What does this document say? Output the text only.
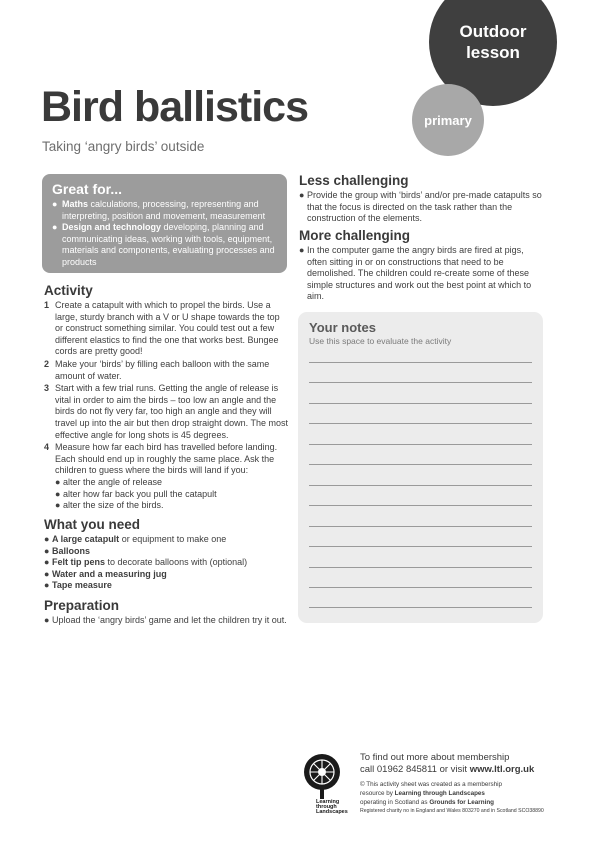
Outdoor
lesson
primary
Bird ballistics
Taking ‘angry birds’ outside
Great for...

● Maths calculations, processing, representing and interpreting, position and movement, measurement

● Design and technology developing, planning and communicating ideas, working with tools, equipment, materials and components, evaluating processes and products

Activity
1 Create a catapult with which to propel the birds. Use a large, sturdy branch with a V or U shape towards the top or construct something similar. You could test out a few different elastics to find the one that works best. Bungee cords are pretty good!
2 Make your ‘birds’ by filling each balloon with the same amount of water.
3 Start with a few trial runs. Getting the angle of release is vital in order to aim the birds – too low an angle and the birds do not fly very far, too high an angle and they will travel up into the air but then drop straight down. The most effective angle for long shots is 45 degrees.
4 Measure how far each bird has travelled before landing. Each should end up in roughly the same place. Ask the children to guess where the birds will land if you:
● alter the angle of release
● alter how far back you pull the catapult
● alter the size of the birds.
What you need
● A large catapult or equipment to make one
● Balloons
● Felt tip pens to decorate balloons with (optional)
● Water and a measuring jug
● Tape measure
Preparation
● Upload the ‘angry birds’ game and let the children try it out.
Less challenging
● Provide the group with ‘birds’ and/or pre-made catapults so that the focus is directed on the task rather than the construction of the elements.
More challenging
● In the computer game the angry birds are fired at pigs, often sitting in or on constructions that need to be demolished. The children could re-create some of these simple structures and work out the best point at which to aim.
Your notes
Use this space to evaluate the activity
Learning
through
Landscapes
To find out more about membership
call 01962 845811 or visit www.ltl.org.uk
© This activity sheet was created as a membership
resource by Learning through Landscapes
operating in Scotland as Grounds for Learning
Registered charity no in England and Wales 803270 and in Scotland SCO38890
